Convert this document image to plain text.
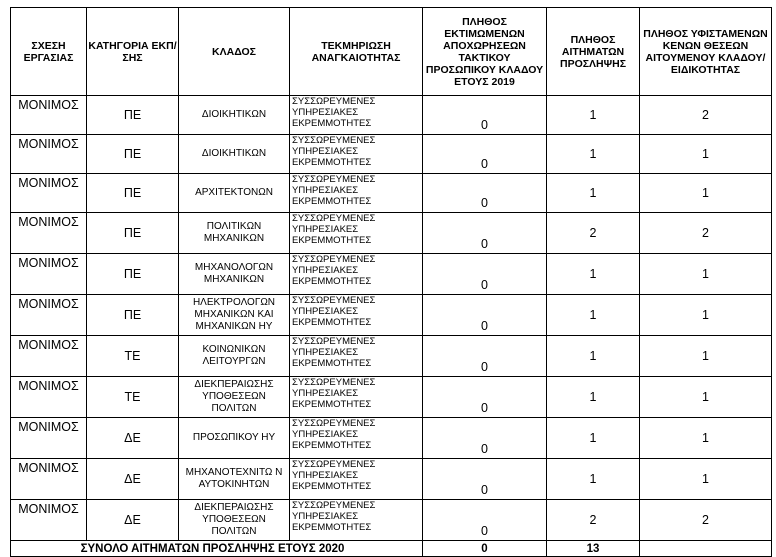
ΣΧΕΣΗ ΕΡΓΑΣΙΑΣ	ΚΑΤΗΓΟΡΙΑ ΕΚΠ/ΣΗΣ	ΚΛΑΔΟΣ	ΤΕΚΜΗΡΙΩΣΗ ΑΝΑΓΚΑΙΟΤΗΤΑΣ	ΠΛΗΘΟΣ ΕΚΤΙΜΩΜΕΝΩΝ ΑΠΟΧΩΡΗΣΕΩΝ ΤΑΚΤΙΚΟΥ ΠΡΟΣΩΠΙΚΟΥ ΚΛΑΔΟΥ ΕΤΟΥΣ 2019	ΠΛΗΘΟΣ ΑΙΤΗΜΑΤΩΝ ΠΡΟΣΛΗΨΗΣ	ΠΛΗΘΟΣ ΥΦΙΣΤΑΜΕΝΩΝ ΚΕΝΩΝ ΘΕΣΕΩΝ ΑΙΤΟΥΜΕΝΟΥ ΚΛΑΔΟΥ/ ΕΙΔΙΚΟΤΗΤΑΣ
ΜΟΝΙΜΟΣ	ΠΕ	ΔΙΟΙΚΗΤΙΚΩΝ	ΣΥΣΣΩΡΕΥΜΕΝΕΣ ΥΠΗΡΕΣΙΑΚΕΣ ΕΚΡΕΜΜΟΤΗΤΕΣ	0	1	2
ΜΟΝΙΜΟΣ	ΠΕ	ΔΙΟΙΚΗΤΙΚΩΝ	ΣΥΣΣΩΡΕΥΜΕΝΕΣ ΥΠΗΡΕΣΙΑΚΕΣ ΕΚΡΕΜΜΟΤΗΤΕΣ	0	1	1
ΜΟΝΙΜΟΣ	ΠΕ	ΑΡΧΙΤΕΚΤΟΝΩΝ	ΣΥΣΣΩΡΕΥΜΕΝΕΣ ΥΠΗΡΕΣΙΑΚΕΣ ΕΚΡΕΜΜΟΤΗΤΕΣ	0	1	1
ΜΟΝΙΜΟΣ	ΠΕ	ΠΟΛΙΤΙΚΩΝ ΜΗΧΑΝΙΚΩΝ	ΣΥΣΣΩΡΕΥΜΕΝΕΣ ΥΠΗΡΕΣΙΑΚΕΣ ΕΚΡΕΜΜΟΤΗΤΕΣ	0	2	2
ΜΟΝΙΜΟΣ	ΠΕ	ΜΗΧΑΝΟΛΟΓΩΝ ΜΗΧΑΝΙΚΩΝ	ΣΥΣΣΩΡΕΥΜΕΝΕΣ ΥΠΗΡΕΣΙΑΚΕΣ ΕΚΡΕΜΜΟΤΗΤΕΣ	0	1	1
ΜΟΝΙΜΟΣ	ΠΕ	ΗΛΕΚΤΡΟΛΟΓΩΝ ΜΗΧΑΝΙΚΩΝ ΚΑΙ ΜΗΧΑΝΙΚΩΝ ΗΥ	ΣΥΣΣΩΡΕΥΜΕΝΕΣ ΥΠΗΡΕΣΙΑΚΕΣ ΕΚΡΕΜΜΟΤΗΤΕΣ	0	1	1
ΜΟΝΙΜΟΣ	ΤΕ	ΚΟΙΝΩΝΙΚΩΝ ΛΕΙΤΟΥΡΓΩΝ	ΣΥΣΣΩΡΕΥΜΕΝΕΣ ΥΠΗΡΕΣΙΑΚΕΣ ΕΚΡΕΜΜΟΤΗΤΕΣ	0	1	1
ΜΟΝΙΜΟΣ	ΤΕ	ΔΙΕΚΠΕΡΑΙΩΣΗΣ ΥΠΟΘΕΣΕΩΝ ΠΟΛΙΤΩΝ	ΣΥΣΣΩΡΕΥΜΕΝΕΣ ΥΠΗΡΕΣΙΑΚΕΣ ΕΚΡΕΜΜΟΤΗΤΕΣ	0	1	1
ΜΟΝΙΜΟΣ	ΔΕ	ΠΡΟΣΩΠΙΚΟΥ ΗΥ	ΣΥΣΣΩΡΕΥΜΕΝΕΣ ΥΠΗΡΕΣΙΑΚΕΣ ΕΚΡΕΜΜΟΤΗΤΕΣ	0	1	1
ΜΟΝΙΜΟΣ	ΔΕ	ΜΗΧΑΝΟΤΕΧΝΙΤΩ Ν ΑΥΤΟΚΙΝΗΤΩΝ	ΣΥΣΣΩΡΕΥΜΕΝΕΣ ΥΠΗΡΕΣΙΑΚΕΣ ΕΚΡΕΜΜΟΤΗΤΕΣ	0	1	1
ΜΟΝΙΜΟΣ	ΔΕ	ΔΙΕΚΠΕΡΑΙΩΣΗΣ ΥΠΟΘΕΣΕΩΝ ΠΟΛΙΤΩΝ	ΣΥΣΣΩΡΕΥΜΕΝΕΣ ΥΠΗΡΕΣΙΑΚΕΣ ΕΚΡΕΜΜΟΤΗΤΕΣ	0	2	2
ΣΥΝΟΛΟ ΑΙΤΗΜΑΤΩΝ ΠΡΟΣΛΗΨΗΣ ΕΤΟΥΣ 2020				0	13	
